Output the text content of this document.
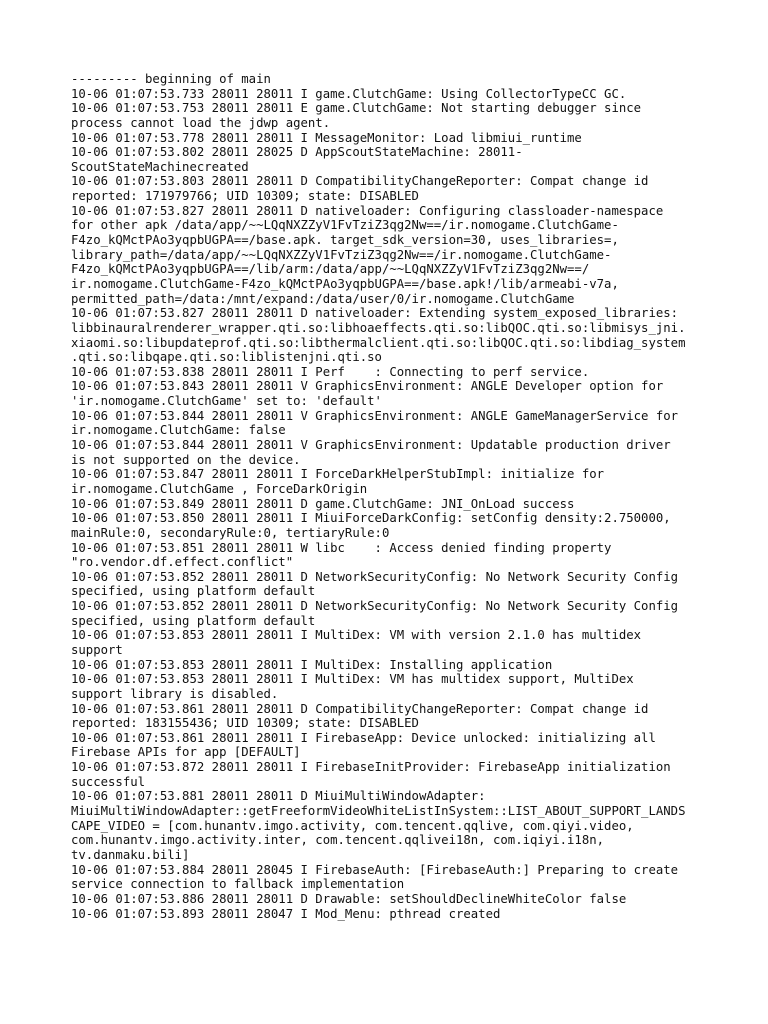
--------- beginning of main
10-06 01:07:53.733 28011 28011 I game.ClutchGame: Using CollectorTypeCC GC.
10-06 01:07:53.753 28011 28011 E game.ClutchGame: Not starting debugger since
process cannot load the jdwp agent.
10-06 01:07:53.778 28011 28011 I MessageMonitor: Load libmiui_runtime
10-06 01:07:53.802 28011 28025 D AppScoutStateMachine: 28011-
ScoutStateMachinecreated
10-06 01:07:53.803 28011 28011 D CompatibilityChangeReporter: Compat change id
reported: 171979766; UID 10309; state: DISABLED
10-06 01:07:53.827 28011 28011 D nativeloader: Configuring classloader-namespace
for other apk /data/app/~~LQqNXZZyV1FvTziZ3qg2Nw==/ir.nomogame.ClutchGame-
F4zo_kQMctPAo3yqpbUGPA==/base.apk. target_sdk_version=30, uses_libraries=,
library_path=/data/app/~~LQqNXZZyV1FvTziZ3qg2Nw==/ir.nomogame.ClutchGame-
F4zo_kQMctPAo3yqpbUGPA==/lib/arm:/data/app/~~LQqNXZZyV1FvTziZ3qg2Nw==/
ir.nomogame.ClutchGame-F4zo_kQMctPAo3yqpbUGPA==/base.apk!/lib/armeabi-v7a,
permitted_path=/data:/mnt/expand:/data/user/0/ir.nomogame.ClutchGame
10-06 01:07:53.827 28011 28011 D nativeloader: Extending system_exposed_libraries:
libbinauralrenderer_wrapper.qti.so:libhoaeffects.qti.so:libQOC.qti.so:libmisys_jni.
xiaomi.so:libupdateprof.qti.so:libthermalclient.qti.so:libQOC.qti.so:libdiag_system
.qti.so:libqape.qti.so:liblistenjni.qti.so
10-06 01:07:53.838 28011 28011 I Perf    : Connecting to perf service.
10-06 01:07:53.843 28011 28011 V GraphicsEnvironment: ANGLE Developer option for
'ir.nomogame.ClutchGame' set to: 'default'
10-06 01:07:53.844 28011 28011 V GraphicsEnvironment: ANGLE GameManagerService for
ir.nomogame.ClutchGame: false
10-06 01:07:53.844 28011 28011 V GraphicsEnvironment: Updatable production driver
is not supported on the device.
10-06 01:07:53.847 28011 28011 I ForceDarkHelperStubImpl: initialize for
ir.nomogame.ClutchGame , ForceDarkOrigin
10-06 01:07:53.849 28011 28011 D game.ClutchGame: JNI_OnLoad success
10-06 01:07:53.850 28011 28011 I MiuiForceDarkConfig: setConfig density:2.750000,
mainRule:0, secondaryRule:0, tertiaryRule:0
10-06 01:07:53.851 28011 28011 W libc    : Access denied finding property
"ro.vendor.df.effect.conflict"
10-06 01:07:53.852 28011 28011 D NetworkSecurityConfig: No Network Security Config
specified, using platform default
10-06 01:07:53.852 28011 28011 D NetworkSecurityConfig: No Network Security Config
specified, using platform default
10-06 01:07:53.853 28011 28011 I MultiDex: VM with version 2.1.0 has multidex
support
10-06 01:07:53.853 28011 28011 I MultiDex: Installing application
10-06 01:07:53.853 28011 28011 I MultiDex: VM has multidex support, MultiDex
support library is disabled.
10-06 01:07:53.861 28011 28011 D CompatibilityChangeReporter: Compat change id
reported: 183155436; UID 10309; state: DISABLED
10-06 01:07:53.861 28011 28011 I FirebaseApp: Device unlocked: initializing all
Firebase APIs for app [DEFAULT]
10-06 01:07:53.872 28011 28011 I FirebaseInitProvider: FirebaseApp initialization
successful
10-06 01:07:53.881 28011 28011 D MiuiMultiWindowAdapter:
MiuiMultiWindowAdapter::getFreeformVideoWhiteListInSystem::LIST_ABOUT_SUPPORT_LANDS
CAPE_VIDEO = [com.hunantv.imgo.activity, com.tencent.qqlive, com.qiyi.video,
com.hunantv.imgo.activity.inter, com.tencent.qqlivei18n, com.iqiyi.i18n,
tv.danmaku.bili]
10-06 01:07:53.884 28011 28045 I FirebaseAuth: [FirebaseAuth:] Preparing to create
service connection to fallback implementation
10-06 01:07:53.886 28011 28011 D Drawable: setShouldDeclineWhiteColor false
10-06 01:07:53.893 28011 28047 I Mod_Menu: pthread created
